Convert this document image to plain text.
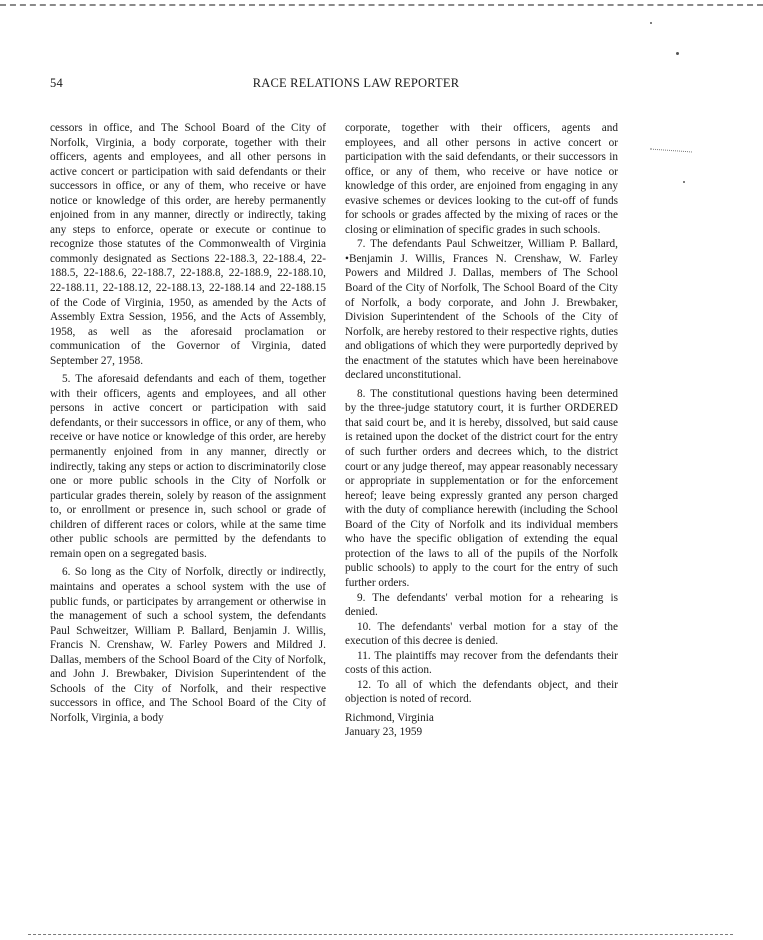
54	RACE RELATIONS LAW REPORTER

cessors in office, and The School Board of the City of Norfolk, Virginia, a body corporate, together with their officers, agents and employees, and all other persons in active concert or participation with said defendants or their successors in office, or any of them, who receive or have notice or knowledge of this order, are hereby permanently enjoined from in any manner, directly or indirectly, taking any steps to enforce, operate or execute or continue to recognize those statutes of the Commonwealth of Virginia commonly designated as Sections 22-188.3, 22-188.4, 22-188.5, 22-188.6, 22-188.7, 22-188.8, 22-188.9, 22-188.10, 22-188.11, 22-188.12, 22-188.13, 22-188.14 and 22-188.15 of the Code of Virginia, 1950, as amended by the Acts of Assembly Extra Session, 1956, and the Acts of Assembly, 1958, as well as the aforesaid proclamation or communication of the Governor of Virginia, dated September 27, 1958.

5. The aforesaid defendants and each of them, together with their officers, agents and employees, and all other persons in active concert or participation with said defendants, or their successors in office, or any of them, who receive or have notice or knowledge of this order, are hereby permanently enjoined from in any manner, directly or indirectly, taking any steps or action to discriminatorily close one or more public schools in the City of Norfolk or particular grades therein, solely by reason of the assignment to, or enrollment or presence in, such school or grade of children of different races or colors, while at the same time other public schools are permitted by the defendants to remain open on a segregated basis.

6. So long as the City of Norfolk, directly or indirectly, maintains and operates a school system with the use of public funds, or participates by arrangement or otherwise in the management of such a school system, the defendants Paul Schweitzer, William P. Ballard, Benjamin J. Willis, Francis N. Crenshaw, W. Farley Powers and Mildred J. Dallas, members of the School Board of the City of Norfolk, and John J. Brewbaker, Division Superintendent of the Schools of the City of Norfolk, and their respective successors in office, and The School Board of the City of Norfolk, Virginia, a body

corporate, together with their officers, agents and employees, and all other persons in active concert or participation with the said defendants, or their successors in office, or any of them, who receive or have notice or knowledge of this order, are enjoined from engaging in any evasive schemes or devices looking to the cut-off of funds for schools or grades affected by the mixing of races or the closing or elimination of specific grades in such schools.

7. The defendants Paul Schweitzer, William P. Ballard, •Benjamin J. Willis, Frances N. Crenshaw, W. Farley Powers and Mildred J. Dallas, members of The School Board of the City of Norfolk, The School Board of the City of Norfolk, a body corporate, and John J. Brewbaker, Division Superintendent of the Schools of the City of Norfolk, are hereby restored to their respective rights, duties and obligations of which they were purportedly deprived by the enactment of the statutes which have been hereinabove declared unconstitutional.

8. The constitutional questions having been determined by the three-judge statutory court, it is further ORDERED that said court be, and it is hereby, dissolved, but said cause is retained upon the docket of the district court for the entry of such further orders and decrees which, to the district court or any judge thereof, may appear reasonably necessary or appropriate in supplementation or for the enforcement hereof; leave being expressly granted any person charged with the duty of compliance herewith (including the School Board of the City of Norfolk and its individual members who have the specific obligation of extending the equal protection of the laws to all of the pupils of the Norfolk public schools) to apply to the court for the entry of such further orders.

9. The defendants' verbal motion for a rehearing is denied.

10. The defendants' verbal motion for a stay of the execution of this decree is denied.

11. The plaintiffs may recover from the defendants their costs of this action.

12. To all of which the defendants object, and their objection is noted of record.

Richmond, Virginia
January 23, 1959
